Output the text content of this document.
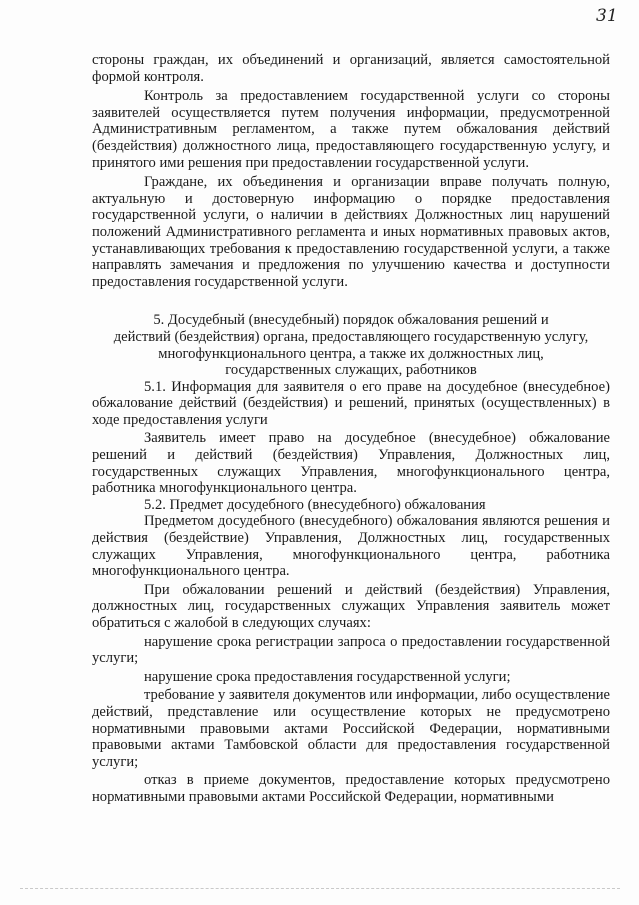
31

стороны граждан, их объединений и организаций, является самостоятельной формой контроля.

Контроль за предоставлением государственной услуги со стороны заявителей осуществляется путем получения информации, предусмотренной Административным регламентом, а также путем обжалования действий (бездействия) должностного лица, предоставляющего государственную услугу, и принятого ими решения при предоставлении государственной услуги.

Граждане, их объединения и организации вправе получать полную, актуальную и достоверную информацию о порядке предоставления государственной услуги, о наличии в действиях Должностных лиц нарушений положений Административного регламента и иных нормативных правовых актов, устанавливающих требования к предоставлению государственной услуги, а также направлять замечания и предложения по улучшению качества и доступности предоставления государственной услуги.

5. Досудебный (внесудебный) порядок обжалования решений и
действий (бездействия) органа, предоставляющего государственную услугу,
многофункционального центра, а также их должностных лиц,
государственных служащих, работников

5.1. Информация для заявителя о его праве на досудебное (внесудебное) обжалование действий (бездействия) и решений, принятых (осуществленных) в ходе предоставления услуги

Заявитель имеет право на досудебное (внесудебное) обжалование решений и действий (бездействия) Управления, Должностных лиц, государственных служащих Управления, многофункционального центра, работника многофункционального центра.

5.2. Предмет досудебного (внесудебного) обжалования

Предметом досудебного (внесудебного) обжалования являются решения и действия (бездействие) Управления, Должностных лиц, государственных служащих Управления, многофункционального центра, работника многофункционального центра.

При обжаловании решений и действий (бездействия) Управления, должностных лиц, государственных служащих Управления заявитель может обратиться с жалобой в следующих случаях:

нарушение срока регистрации запроса о предоставлении государственной услуги;

нарушение срока предоставления государственной услуги;

требование у заявителя документов или информации, либо осуществление действий, представление или осуществление которых не предусмотрено нормативными правовыми актами Российской Федерации, нормативными правовыми актами Тамбовской области для предоставления государственной услуги;

отказ в приеме документов, предоставление которых предусмотрено нормативными правовыми актами Российской Федерации, нормативными
